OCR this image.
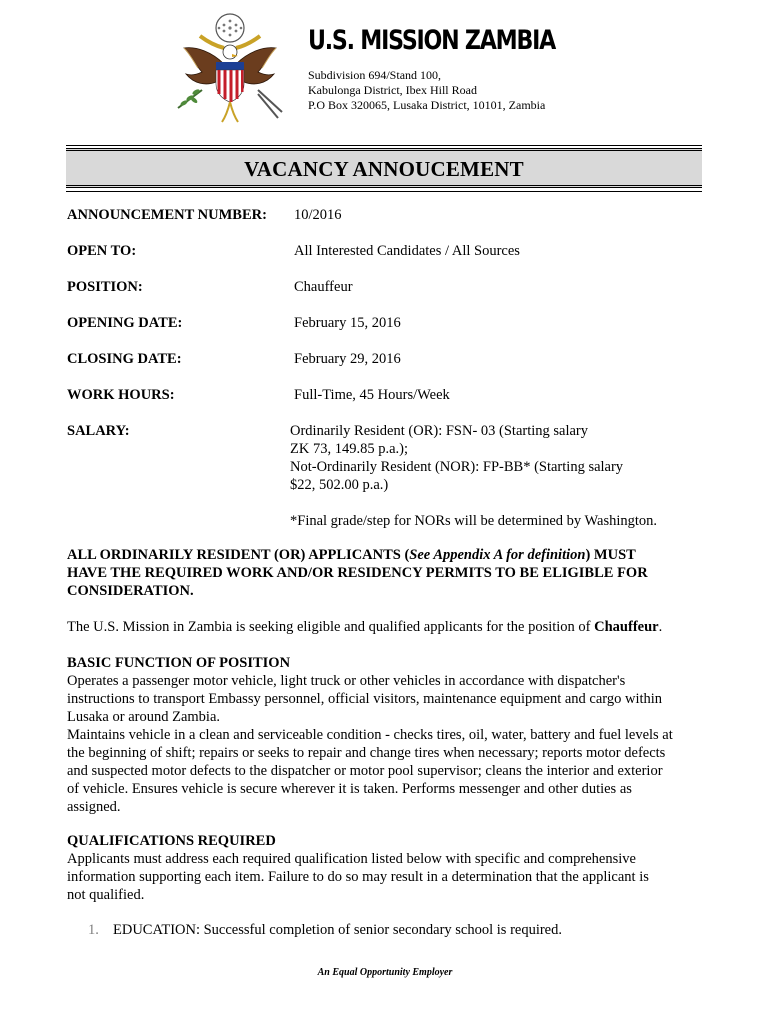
U.S. MISSION ZAMBIA
Subdivision 694/Stand 100,
Kabulonga District, Ibex Hill Road
P.O Box 320065, Lusaka District, 10101, Zambia
VACANCY ANNOUCEMENT
ANNOUNCEMENT NUMBER: 10/2016
OPEN TO:	All Interested Candidates / All Sources
POSITION:	Chauffeur
OPENING DATE:	February 15, 2016
CLOSING DATE:	February 29, 2016
WORK HOURS:	Full-Time, 45 Hours/Week
SALARY:	Ordinarily Resident (OR): FSN- 03 (Starting salary
ZK 73, 149.85 p.a.);
Not-Ordinarily Resident (NOR): FP-BB* (Starting salary
$22, 502.00 p.a.)
*Final grade/step for NORs will be determined by Washington.
ALL ORDINARILY RESIDENT (OR) APPLICANTS (See Appendix A for definition) MUST
HAVE THE REQUIRED WORK AND/OR RESIDENCY PERMITS TO BE ELIGIBLE FOR
CONSIDERATION.
The U.S. Mission in Zambia is seeking eligible and qualified applicants for the position of Chauffeur.
BASIC FUNCTION OF POSITION
Operates a passenger motor vehicle, light truck or other vehicles in accordance with dispatcher's
instructions to transport Embassy personnel, official visitors, maintenance equipment and cargo within
Lusaka or around Zambia.
Maintains vehicle in a clean and serviceable condition - checks tires, oil, water, battery and fuel levels at
the beginning of shift; repairs or seeks to repair and change tires when necessary; reports motor defects
and suspected motor defects to the dispatcher or motor pool supervisor; cleans the interior and exterior
of vehicle. Ensures vehicle is secure wherever it is taken. Performs messenger and other duties as
assigned.
QUALIFICATIONS REQUIRED
Applicants must address each required qualification listed below with specific and comprehensive
information supporting each item. Failure to do so may result in a determination that the applicant is
not qualified.
1. EDUCATION: Successful completion of senior secondary school is required.
An Equal Opportunity Employer
